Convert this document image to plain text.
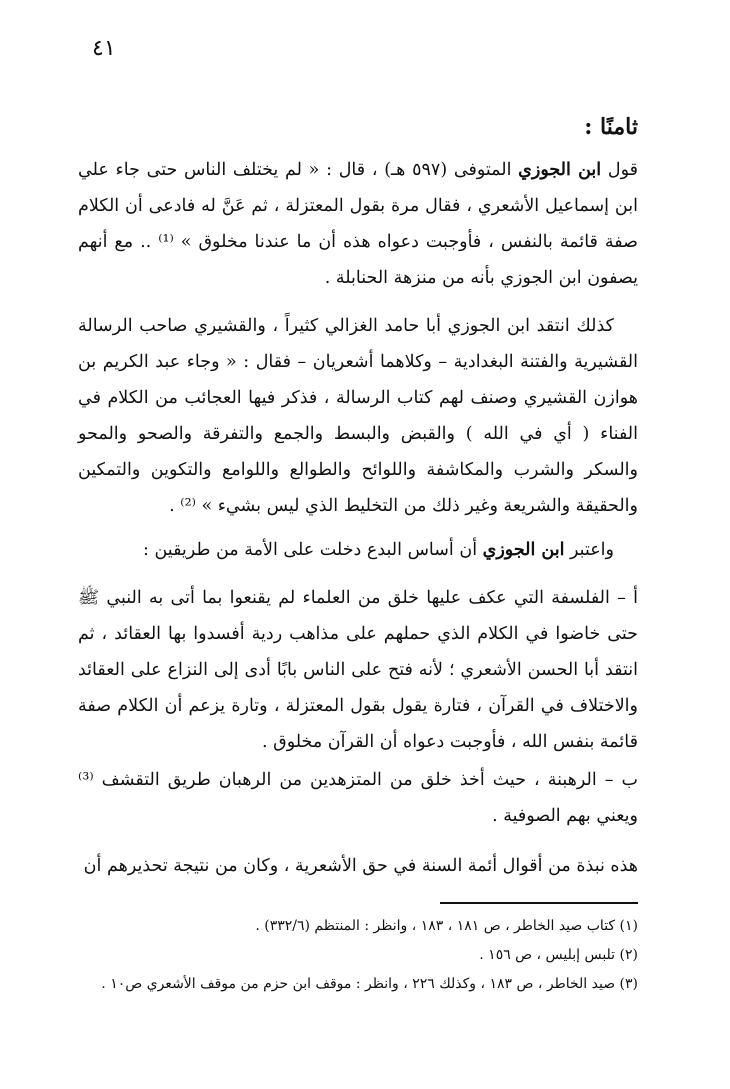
٤١
ثامنًا :

قول ابن الجوزي المتوفى (٥٩٧ هـ) ، قال : « لم يختلف الناس حتى جاء علي ابن إسماعيل الأشعري ، فقال مرة بقول المعتزلة ، ثم عَنَّ له فادعى أن الكلام صفة قائمة بالنفس ، فأوجبت دعواه هذه أن ما عندنا مخلوق » ⁽¹⁾ .. مع أنهم يصفون ابن الجوزي بأنه من منزهة الحنابلة .

كذلك انتقد ابن الجوزي أبا حامد الغزالي كثيراً ، والقشيري صاحب الرسالة القشيرية والفتنة البغدادية – وكلاهما أشعريان – فقال : « وجاء عبد الكريم بن هوازن القشيري وصنف لهم كتاب الرسالة ، فذكر فيها العجائب من الكلام في الفناء ( أي في الله ) والقبض والبسط والجمع والتفرقة والصحو والمحو والسكر والشرب والمكاشفة واللوائح والطوالع واللوامع والتكوين والتمكين والحقيقة والشريعة وغير ذلك من التخليط الذي ليس بشيء » ⁽²⁾ .

واعتبر ابن الجوزي أن أساس البدع دخلت على الأمة من طريقين :

أ – الفلسفة التي عكف عليها خلق من العلماء لم يقنعوا بما أتى به النبي ﷺ حتى خاضوا في الكلام الذي حملهم على مذاهب ردية أفسدوا بها العقائد ، ثم انتقد أبا الحسن الأشعري ؛ لأنه فتح على الناس بابًا أدى إلى النزاع على العقائد والاختلاف في القرآن ، فتارة يقول بقول المعتزلة ، وتارة يزعم أن الكلام صفة قائمة بنفس الله ، فأوجبت دعواه أن القرآن مخلوق .

ب – الرهبنة ، حيث أخذ خلق من المتزهدين من الرهبان طريق التقشف ⁽³⁾ ويعني بهم الصوفية .

هذه نبذة من أقوال أئمة السنة في حق الأشعرية ، وكان من نتيجة تحذيرهم أن

(١) كتاب صيد الخاطر ، ص ١٨١ ، ١٨٣ ، وانظر : المنتظم (٣٣٢/٦) .
(٢) تلبس إبليس ، ص ١٥٦ .
(٣) صيد الخاطر ، ص ١٨٣ ، وكذلك ٢٢٦ ، وانظر : موقف ابن حزم من موقف الأشعري ص١٠ .
